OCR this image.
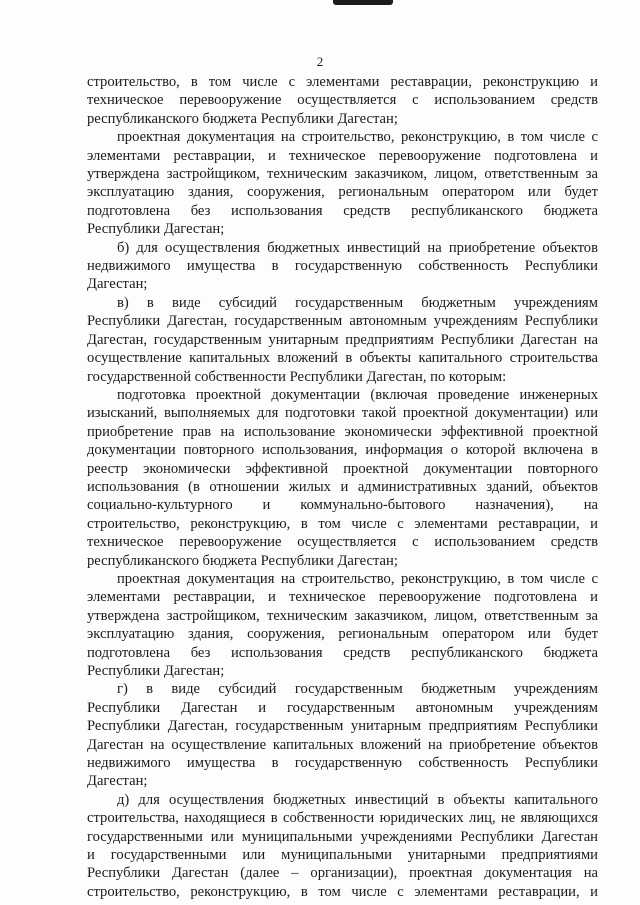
2

строительство, в том числе с элементами реставрации, реконструкцию и
техническое перевооружение осуществляется с использованием средств
республиканского бюджета Республики Дагестан;

проектная документация на строительство, реконструкцию, в том числе с
элементами реставрации, и техническое перевооружение подготовлена и
утверждена застройщиком, техническим заказчиком, лицом, ответственным за
эксплуатацию здания, сооружения, региональным оператором или будет
подготовлена без использования средств республиканского бюджета
Республики Дагестан;

б) для осуществления бюджетных инвестиций на приобретение объектов
недвижимого имущества в государственную собственность Республики
Дагестан;

в) в виде субсидий государственным бюджетным учреждениям
Республики Дагестан, государственным автономным учреждениям Республики
Дагестан, государственным унитарным предприятиям Республики Дагестан на
осуществление капитальных вложений в объекты капитального строительства
государственной собственности Республики Дагестан, по которым:

подготовка проектной документации (включая проведение инженерных
изысканий, выполняемых для подготовки такой проектной документации) или
приобретение прав на использование экономически эффективной проектной
документации повторного использования, информация о которой включена в
реестр экономически эффективной проектной документации повторного
использования (в отношении жилых и административных зданий, объектов
социально-культурного и коммунально-бытового назначения), на
строительство, реконструкцию, в том числе с элементами реставрации, и
техническое перевооружение осуществляется с использованием средств
республиканского бюджета Республики Дагестан;

проектная документация на строительство, реконструкцию, в том числе с
элементами реставрации, и техническое перевооружение подготовлена и
утверждена застройщиком, техническим заказчиком, лицом, ответственным за
эксплуатацию здания, сооружения, региональным оператором или будет
подготовлена без использования средств республиканского бюджета
Республики Дагестан;

г) в виде субсидий государственным бюджетным учреждениям
Республики Дагестан и государственным автономным учреждениям
Республики Дагестан, государственным унитарным предприятиям Республики
Дагестан на осуществление капитальных вложений на приобретение объектов
недвижимого имущества в государственную собственность Республики
Дагестан;

д) для осуществления бюджетных инвестиций в объекты капитального
строительства, находящиеся в собственности юридических лиц, не являющихся
государственными или муниципальными учреждениями Республики Дагестан
и государственными или муниципальными унитарными предприятиями
Республики Дагестан (далее – организации), проектная документация на
строительство, реконструкцию, в том числе с элементами реставрации, и
